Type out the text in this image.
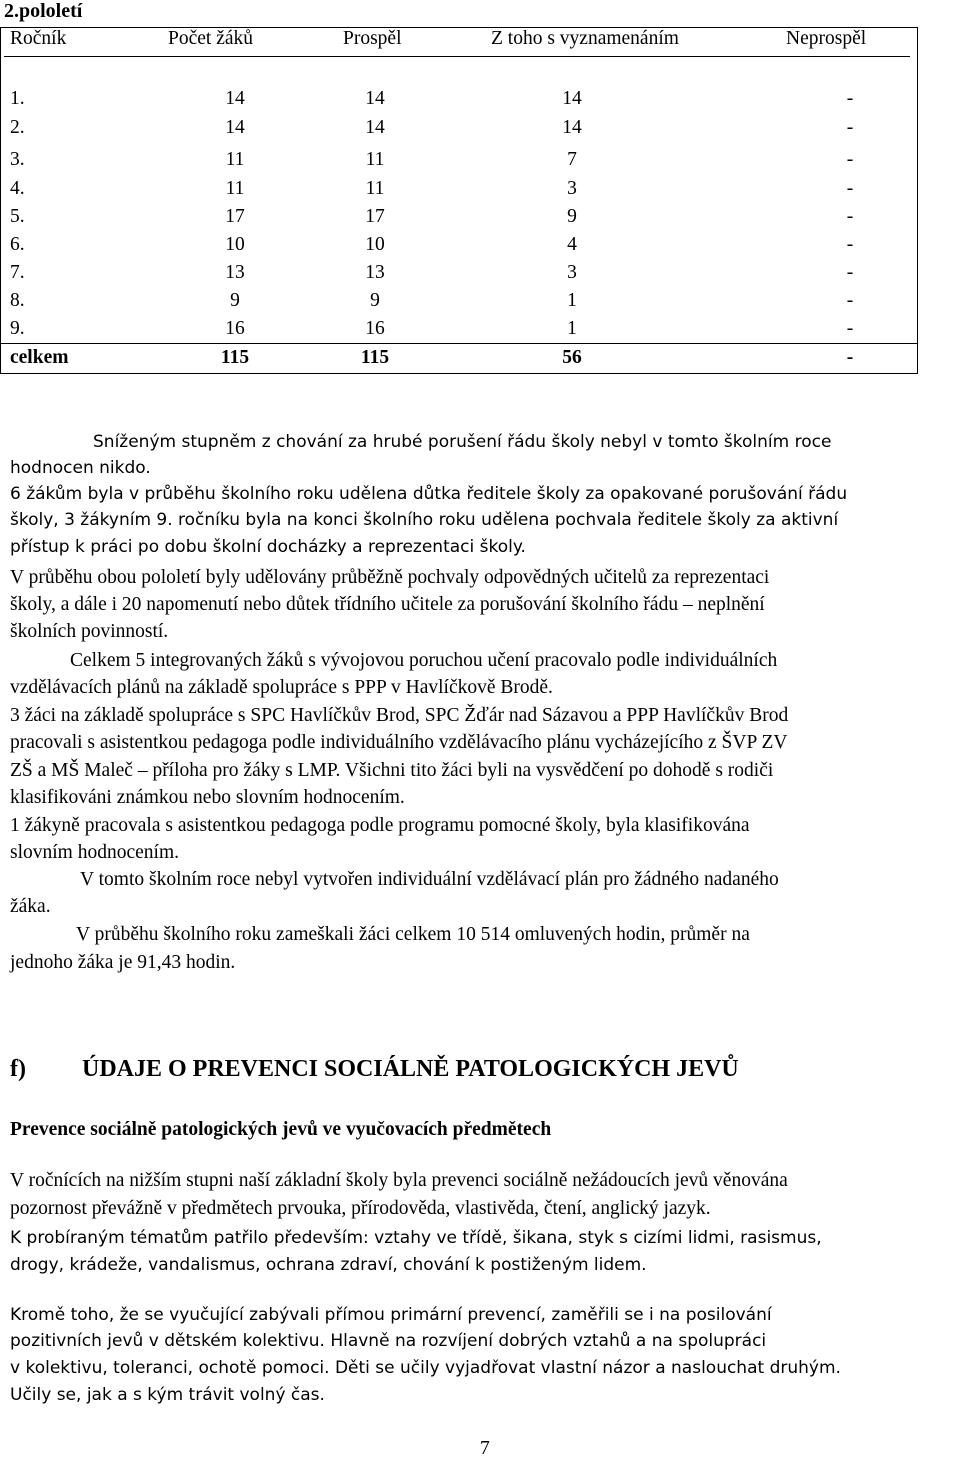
2.pololetí
Ročník	Počet žáků	Prospěl	Z toho s vyznamenáním	Neprospěl
1.	14	14	14	-
2.	14	14	14	-
3.	11	11	7	-
4.	11	11	3	-
5.	17	17	9	-
6.	10	10	4	-
7.	13	13	3	-
8.	9	9	1	-
9.	16	16	1	-
celkem	115	115	56	-
Sníženým stupněm z chování za hrubé porušení řádu školy nebyl v tomto školním roce
hodnocen nikdo.
6 žákům byla v průběhu školního roku udělena důtka ředitele školy za opakované porušování řádu
školy, 3 žákyním 9. ročníku byla na konci školního roku udělena pochvala ředitele školy za aktivní
přístup k práci po dobu školní docházky a reprezentaci školy.
V průběhu obou pololetí byly udělovány průběžně pochvaly odpovědných učitelů za reprezentaci
školy, a dále i 20 napomenutí nebo důtek třídního učitele za porušování školního řádu – neplnění
školních povinností.
Celkem 5 integrovaných žáků s vývojovou poruchou učení pracovalo podle individuálních
vzdělávacích plánů na základě spolupráce s PPP v Havlíčkově Brodě.
3 žáci na základě spolupráce s SPC Havlíčkův Brod, SPC Žďár nad Sázavou a PPP Havlíčkův Brod
pracovali s asistentkou pedagoga podle individuálního vzdělávacího plánu vycházejícího z ŠVP ZV
ZŠ a MŠ Maleč – příloha pro žáky s LMP. Všichni tito žáci byli na vysvědčení po dohodě s rodiči
klasifikováni známkou nebo slovním hodnocením.
1 žákyně pracovala s asistentkou pedagoga podle programu pomocné školy, byla klasifikována
slovním hodnocením.
V tomto školním roce nebyl vytvořen individuální vzdělávací plán pro žádného nadaného
žáka.
V průběhu školního roku zameškali žáci celkem 10 514 omluvených hodin, průměr na
jednoho žáka je 91,43 hodin.
f) ÚDAJE O PREVENCI SOCIÁLNĚ PATOLOGICKÝCH JEVŮ
Prevence sociálně patologických jevů ve vyučovacích předmětech
V ročnících na nižším stupni naší základní školy byla prevenci sociálně nežádoucích jevů věnována
pozornost převážně v předmětech prvouka, přírodověda, vlastivěda, čtení, anglický jazyk.
K probíraným tématům patřilo především: vztahy ve třídě, šikana, styk s cizími lidmi, rasismus,
drogy, krádeže, vandalismus, ochrana zdraví, chování k postiženým lidem.
Kromě toho, že se vyučující zabývali přímou primární prevencí, zaměřili se i na posilování
pozitivních jevů v dětském kolektivu. Hlavně na rozvíjení dobrých vztahů a na spolupráci
v kolektivu, toleranci, ochotě pomoci. Děti se učily vyjadřovat vlastní názor a naslouchat druhým.
Učily se, jak a s kým trávit volný čas.
7
